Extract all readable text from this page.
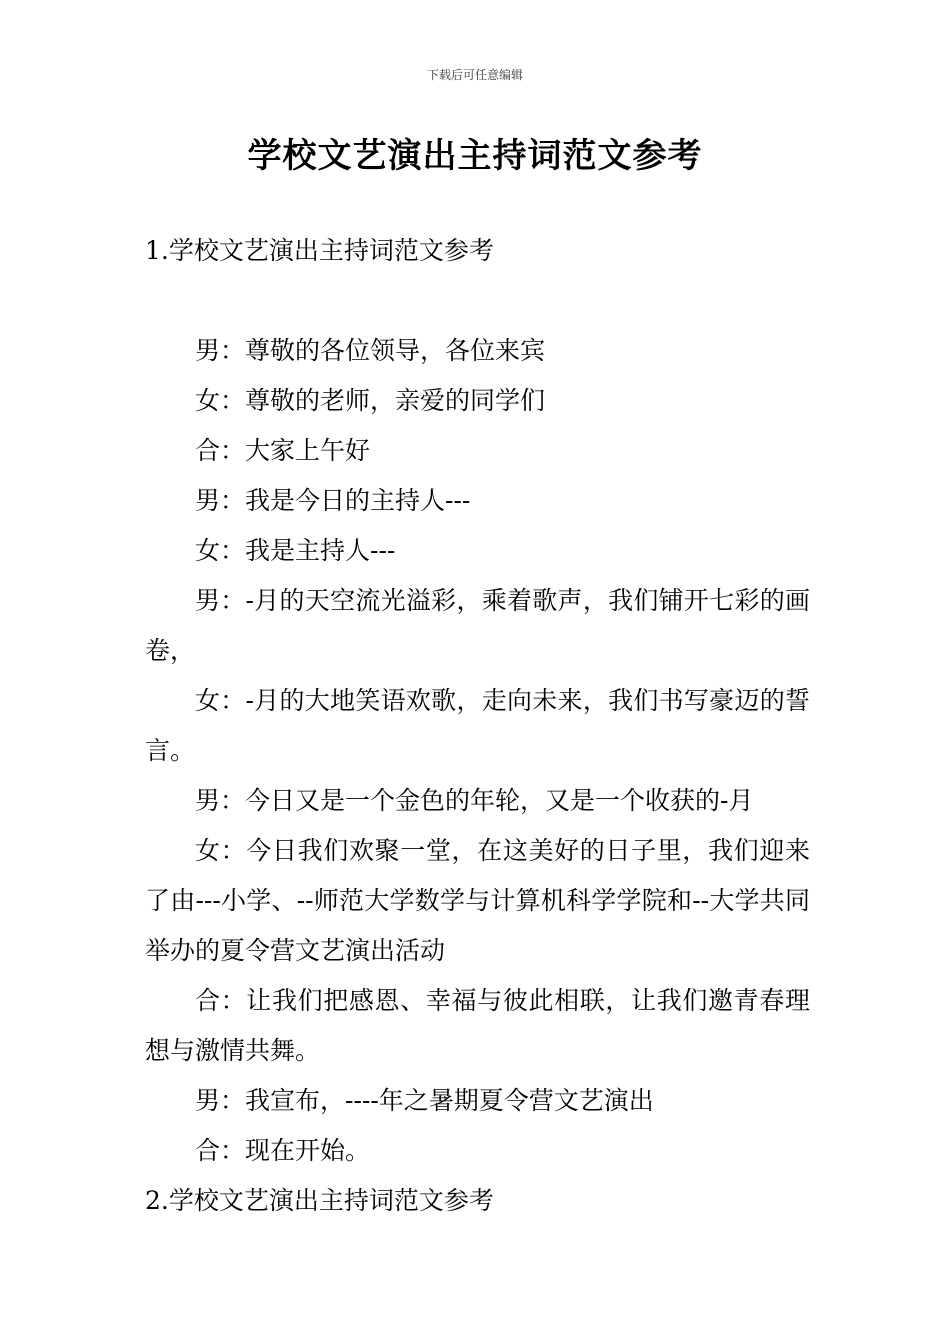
下载后可任意编辑
学校文艺演出主持词范文参考
1.学校文艺演出主持词范文参考
男：尊敬的各位领导，各位来宾
女：尊敬的老师，亲爱的同学们
合：大家上午好
男：我是今日的主持人---
女：我是主持人---
男：-月的天空流光溢彩，乘着歌声，我们铺开七彩的画卷，
女：-月的大地笑语欢歌，走向未来，我们书写豪迈的誓言。
男：今日又是一个金色的年轮，又是一个收获的-月
女：今日我们欢聚一堂，在这美好的日子里，我们迎来了由---小学、--师范大学数学与计算机科学学院和--大学共同举办的夏令营文艺演出活动
合：让我们把感恩、幸福与彼此相联，让我们邀青春理想与激情共舞。
男：我宣布，----年之暑期夏令营文艺演出
合：现在开始。
2.学校文艺演出主持词范文参考
